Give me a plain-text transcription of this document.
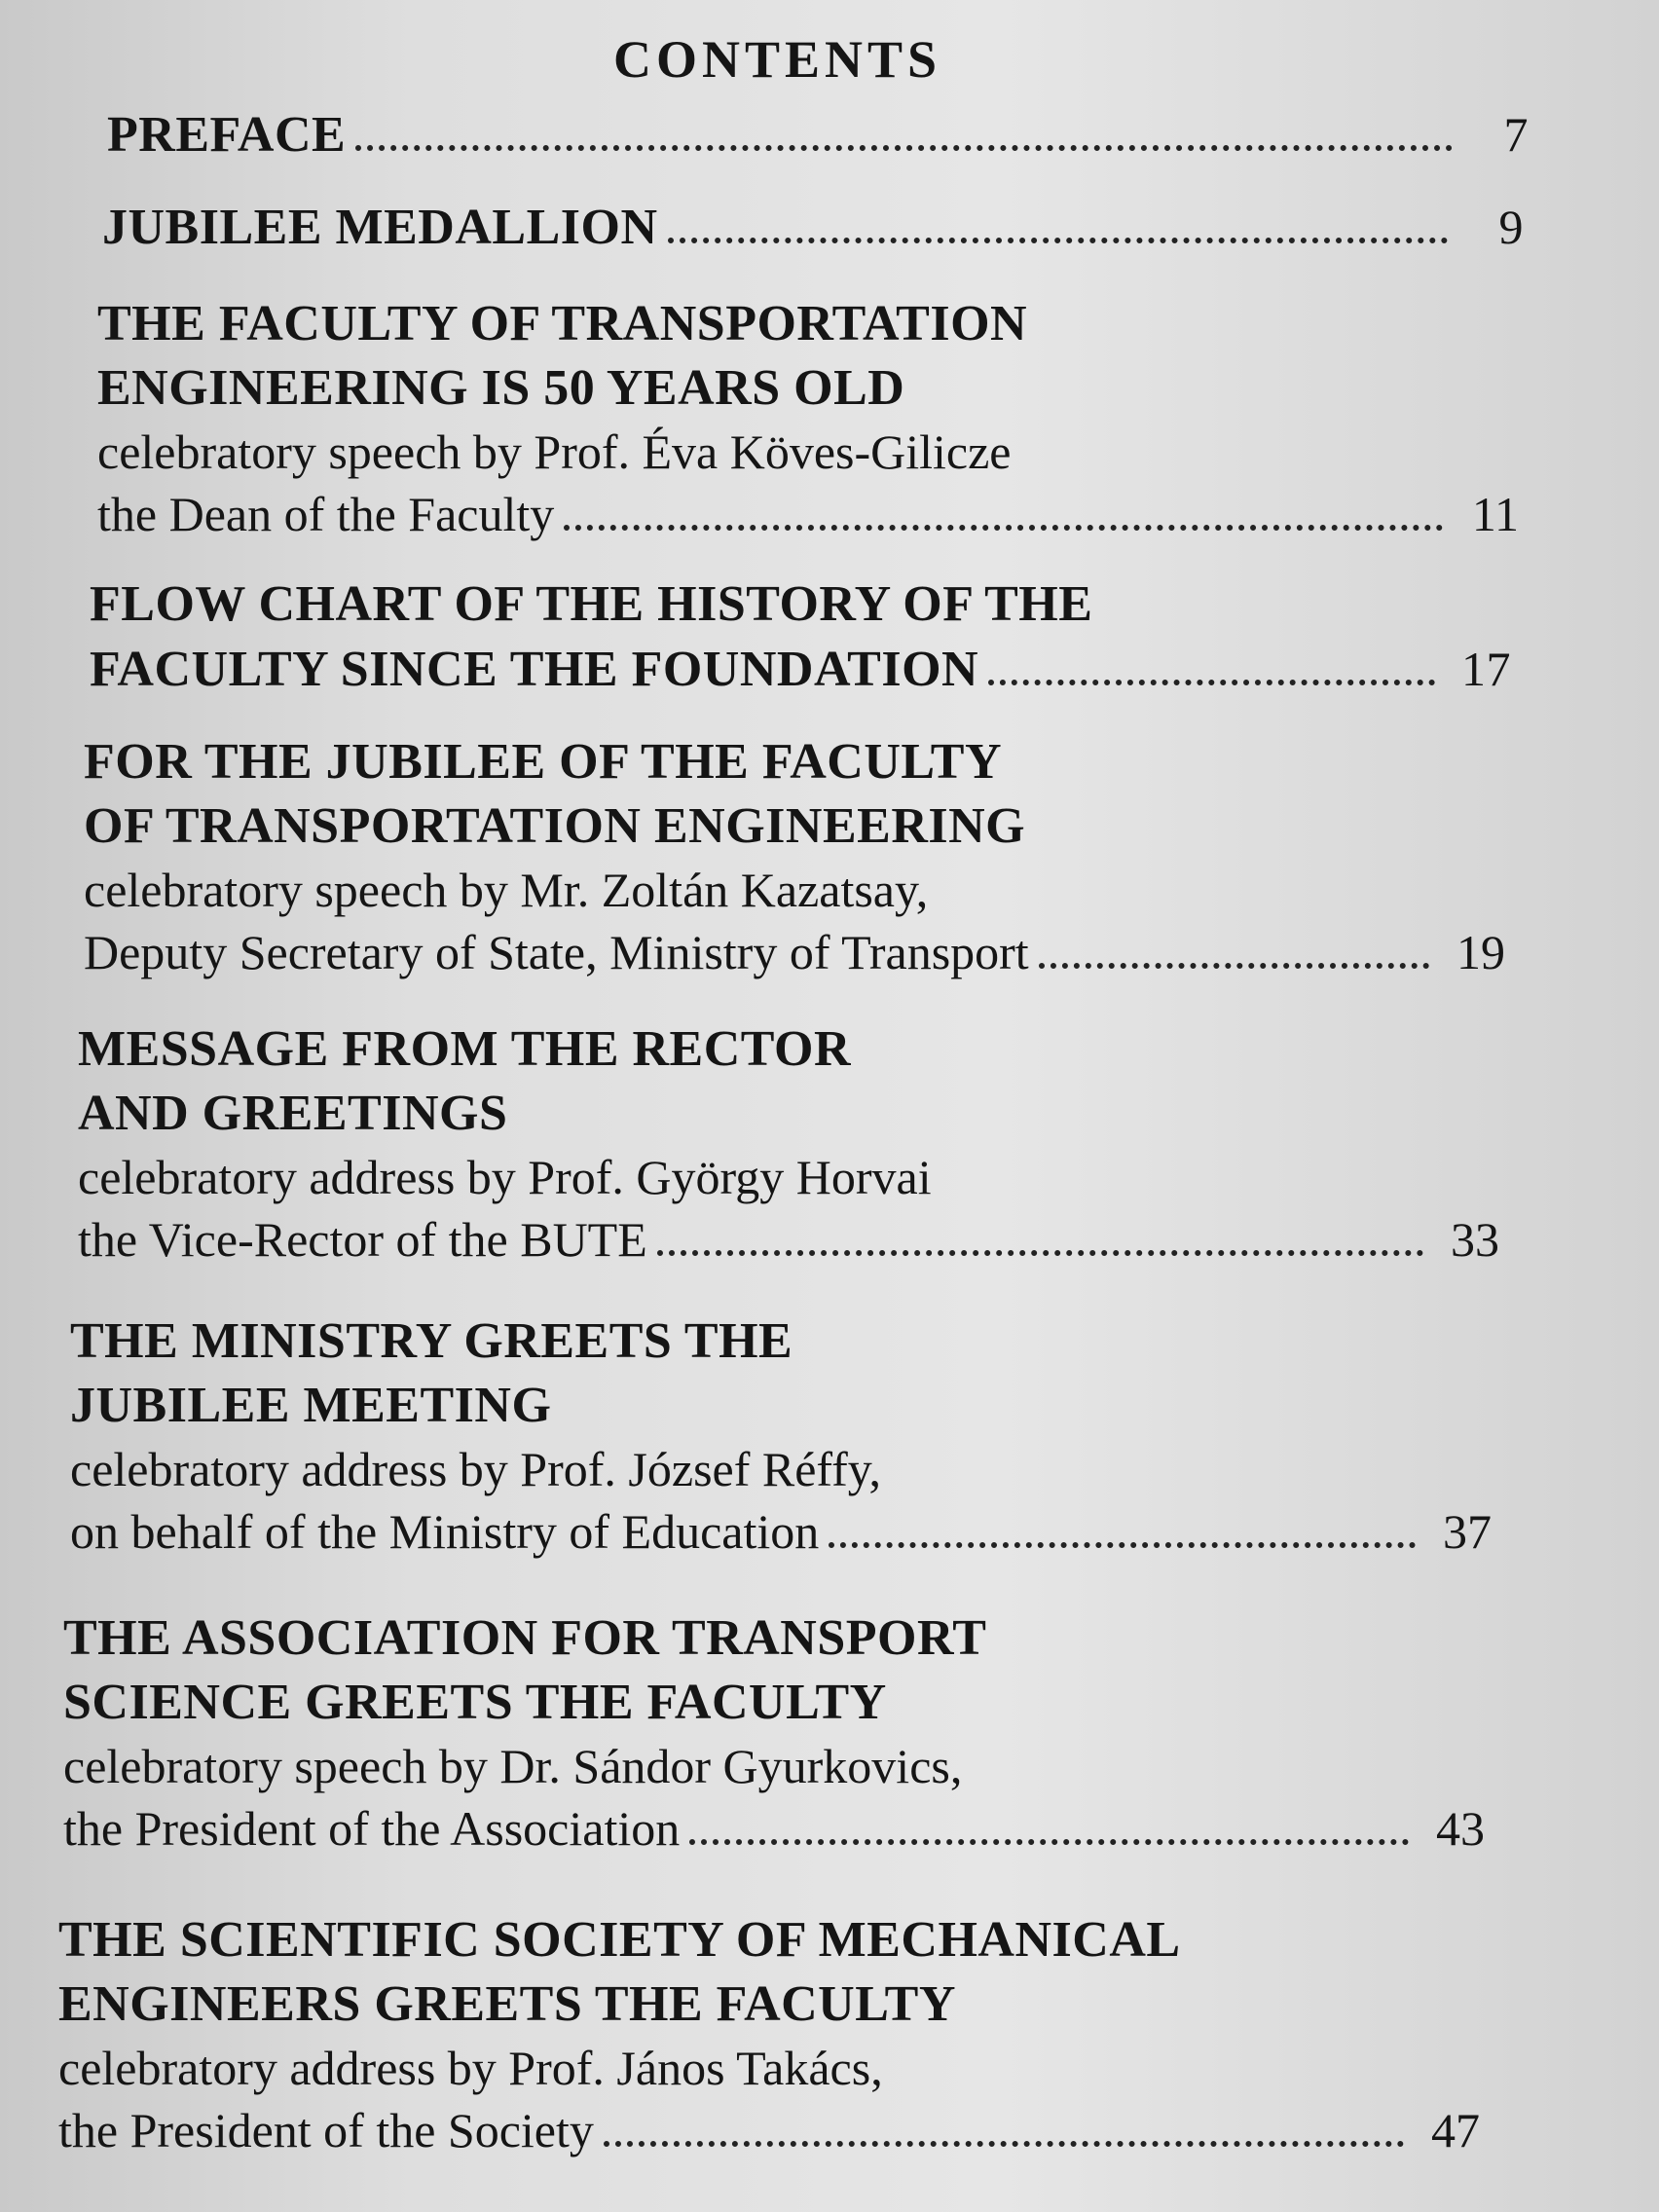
CONTENTS
PREFACE	7
JUBILEE MEDALLION	9
THE FACULTY OF TRANSPORTATION
ENGINEERING IS 50 YEARS OLD
celebratory speech by Prof. Éva Köves-Gilicze
the Dean of the Faculty	11
FLOW CHART OF THE HISTORY OF THE
FACULTY SINCE THE FOUNDATION	17
FOR THE JUBILEE OF THE FACULTY
OF TRANSPORTATION ENGINEERING
celebratory speech by Mr. Zoltán Kazatsay,
Deputy Secretary of State, Ministry of Transport	19
MESSAGE FROM THE RECTOR
AND GREETINGS
celebratory address by Prof. György Horvai
the Vice-Rector of the BUTE	33
THE MINISTRY GREETS THE
JUBILEE MEETING
celebratory address by Prof. József Réffy,
on behalf of the Ministry of Education	37
THE ASSOCIATION FOR TRANSPORT
SCIENCE GREETS THE FACULTY
celebratory speech by Dr. Sándor Gyurkovics,
the President of the Association	43
THE SCIENTIFIC SOCIETY OF MECHANICAL
ENGINEERS GREETS THE FACULTY
celebratory address by Prof. János Takács,
the President of the Society	47
